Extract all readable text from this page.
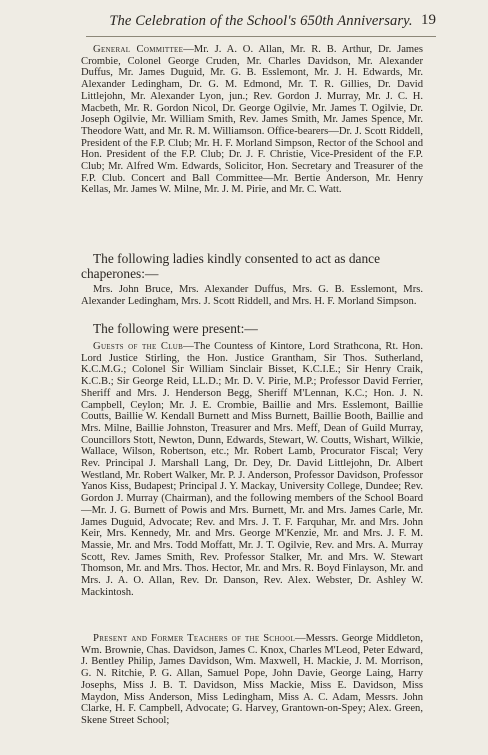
The Celebration of the School's 650th Anniversary. 19

General Committee—Mr. J. A. O. Allan, Mr. R. B. Arthur, Dr. James Crombie, Colonel George Cruden, Mr. Charles Davidson, Mr. Alexander Duffus, Mr. James Duguid, Mr. G. B. Esslemont, Mr. J. H. Edwards, Mr. Alexander Ledingham, Dr. G. M. Edmond, Mr. T. R. Gillies, Dr. David Littlejohn, Mr. Alexander Lyon, jun.; Rev. Gordon J. Murray, Mr. J. C. H. Macbeth, Mr. R. Gordon Nicol, Dr. George Ogilvie, Mr. James T. Ogilvie, Dr. Joseph Ogilvie, Mr. William Smith, Rev. James Smith, Mr. James Spence, Mr. Theodore Watt, and Mr. R. M. Williamson. Office-bearers—Dr. J. Scott Riddell, President of the F.P. Club; Mr. H. F. Morland Simpson, Rector of the School and Hon. President of the F.P. Club; Dr. J. F. Christie, Vice-President of the F.P. Club; Mr. Alfred Wm. Edwards, Solicitor, Hon. Secretary and Treasurer of the F.P. Club. Concert and Ball Committee—Mr. Bertie Anderson, Mr. Henry Kellas, Mr. James W. Milne, Mr. J. M. Pirie, and Mr. C. Watt.

The following ladies kindly consented to act as dance chaperones:—

Mrs. John Bruce, Mrs. Alexander Duffus, Mrs. G. B. Esslemont, Mrs. Alexander Ledingham, Mrs. J. Scott Riddell, and Mrs. H. F. Morland Simpson.

The following were present:—

Guests of the Club—The Countess of Kintore, Lord Strathcona, Rt. Hon. Lord Justice Stirling, the Hon. Justice Grantham, Sir Thos. Sutherland, K.C.M.G.; Colonel Sir William Sinclair Bisset, K.C.I.E.; Sir Henry Craik, K.C.B.; Sir George Reid, LL.D.; Mr. D. V. Pirie, M.P.; Professor David Ferrier, Sheriff and Mrs. J. Henderson Begg, Sheriff M'Lennan, K.C.; Hon. J. N. Campbell, Ceylon; Mr. J. E. Crombie, Baillie and Mrs. Esslemont, Baillie Coutts, Baillie W. Kendall Burnett and Miss Burnett, Baillie Booth, Baillie and Mrs. Milne, Baillie Johnston, Treasurer and Mrs. Meff, Dean of Guild Murray, Councillors Stott, Newton, Dunn, Edwards, Stewart, W. Coutts, Wishart, Wilkie, Wallace, Wilson, Robertson, etc.; Mr. Robert Lamb, Procurator Fiscal; Very Rev. Principal J. Marshall Lang, Dr. Dey, Dr. David Littlejohn, Dr. Albert Westland, Mr. Robert Walker, Mr. P. J. Anderson, Professor Davidson, Professor Yanos Kiss, Budapest; Principal J. Y. Mackay, University College, Dundee; Rev. Gordon J. Murray (Chairman), and the following members of the School Board—Mr. J. G. Burnett of Powis and Mrs. Burnett, Mr. and Mrs. James Carle, Mr. James Duguid, Advocate; Rev. and Mrs. J. T. F. Farquhar, Mr. and Mrs. John Keir, Mrs. Kennedy, Mr. and Mrs. George M'Kenzie, Mr. and Mrs. J. F. M. Massie, Mr. and Mrs. Todd Moffatt, Mr. J. T. Ogilvie, Rev. and Mrs. A. Murray Scott, Rev. James Smith, Rev. Professor Stalker, Mr. and Mrs. W. Stewart Thomson, Mr. and Mrs. Thos. Hector, Mr. and Mrs. R. Boyd Finlayson, Mr. and Mrs. J. A. O. Allan, Rev. Dr. Danson, Rev. Alex. Webster, Dr. Ashley W. Mackintosh.

Present and Former Teachers of the School—Messrs. George Middleton, Wm. Brownie, Chas. Davidson, James C. Knox, Charles M'Leod, Peter Edward, J. Bentley Philip, James Davidson, Wm. Maxwell, H. Mackie, J. M. Morrison, G. N. Ritchie, P. G. Allan, Samuel Pope, John Davie, George Laing, Harry Josephs, Miss J. B. T. Davidson, Miss Mackie, Miss E. Davidson, Miss Maydon, Miss Anderson, Miss Ledingham, Miss A. C. Adam, Messrs. John Clarke, H. F. Campbell, Advocate; G. Harvey, Grantown-on-Spey; Alex. Green, Skene Street School;
